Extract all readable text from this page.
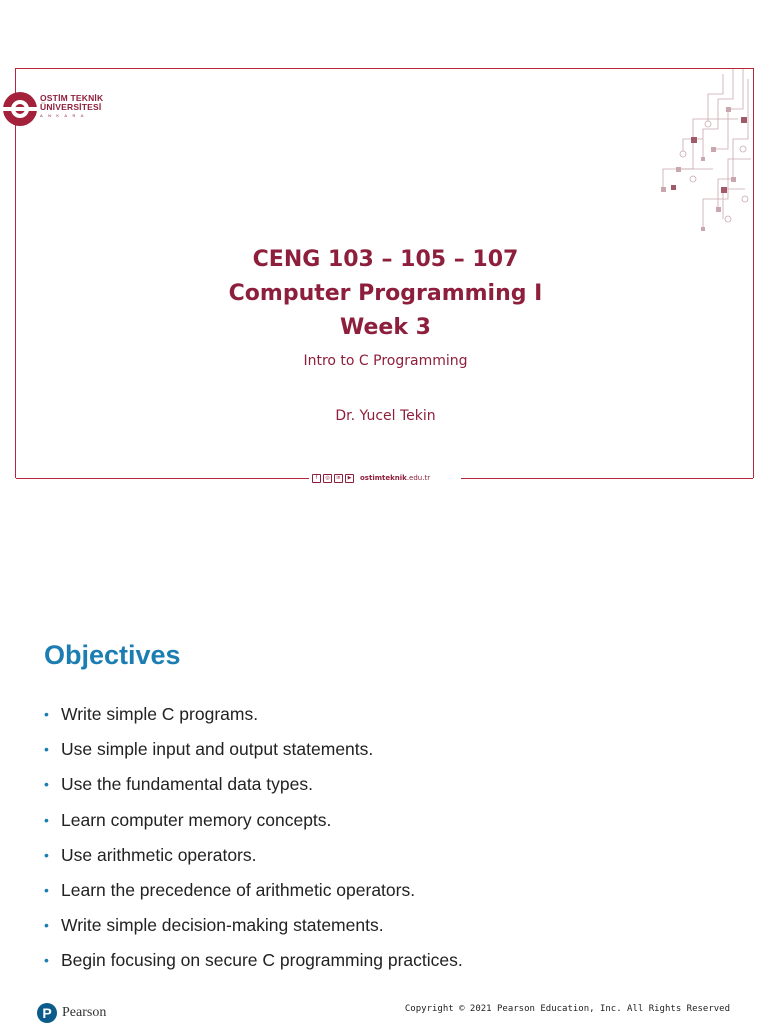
OSTİM TEKNİK
ÜNİVERSİTESİ
ANKARA
CENG 103 – 105 – 107
Computer Programming I
Week 3
Intro to C Programming
Dr. Yucel Tekin
f	◎	in	▶	ostimteknik.edu.tr
Objectives
• Write simple C programs.
• Use simple input and output statements.
• Use the fundamental data types.
• Learn computer memory concepts.
• Use arithmetic operators.
• Learn the precedence of arithmetic operators.
• Write simple decision-making statements.
• Begin focusing on secure C programming practices.
P Pearson	Copyright © 2021 Pearson Education, Inc. All Rights Reserved
